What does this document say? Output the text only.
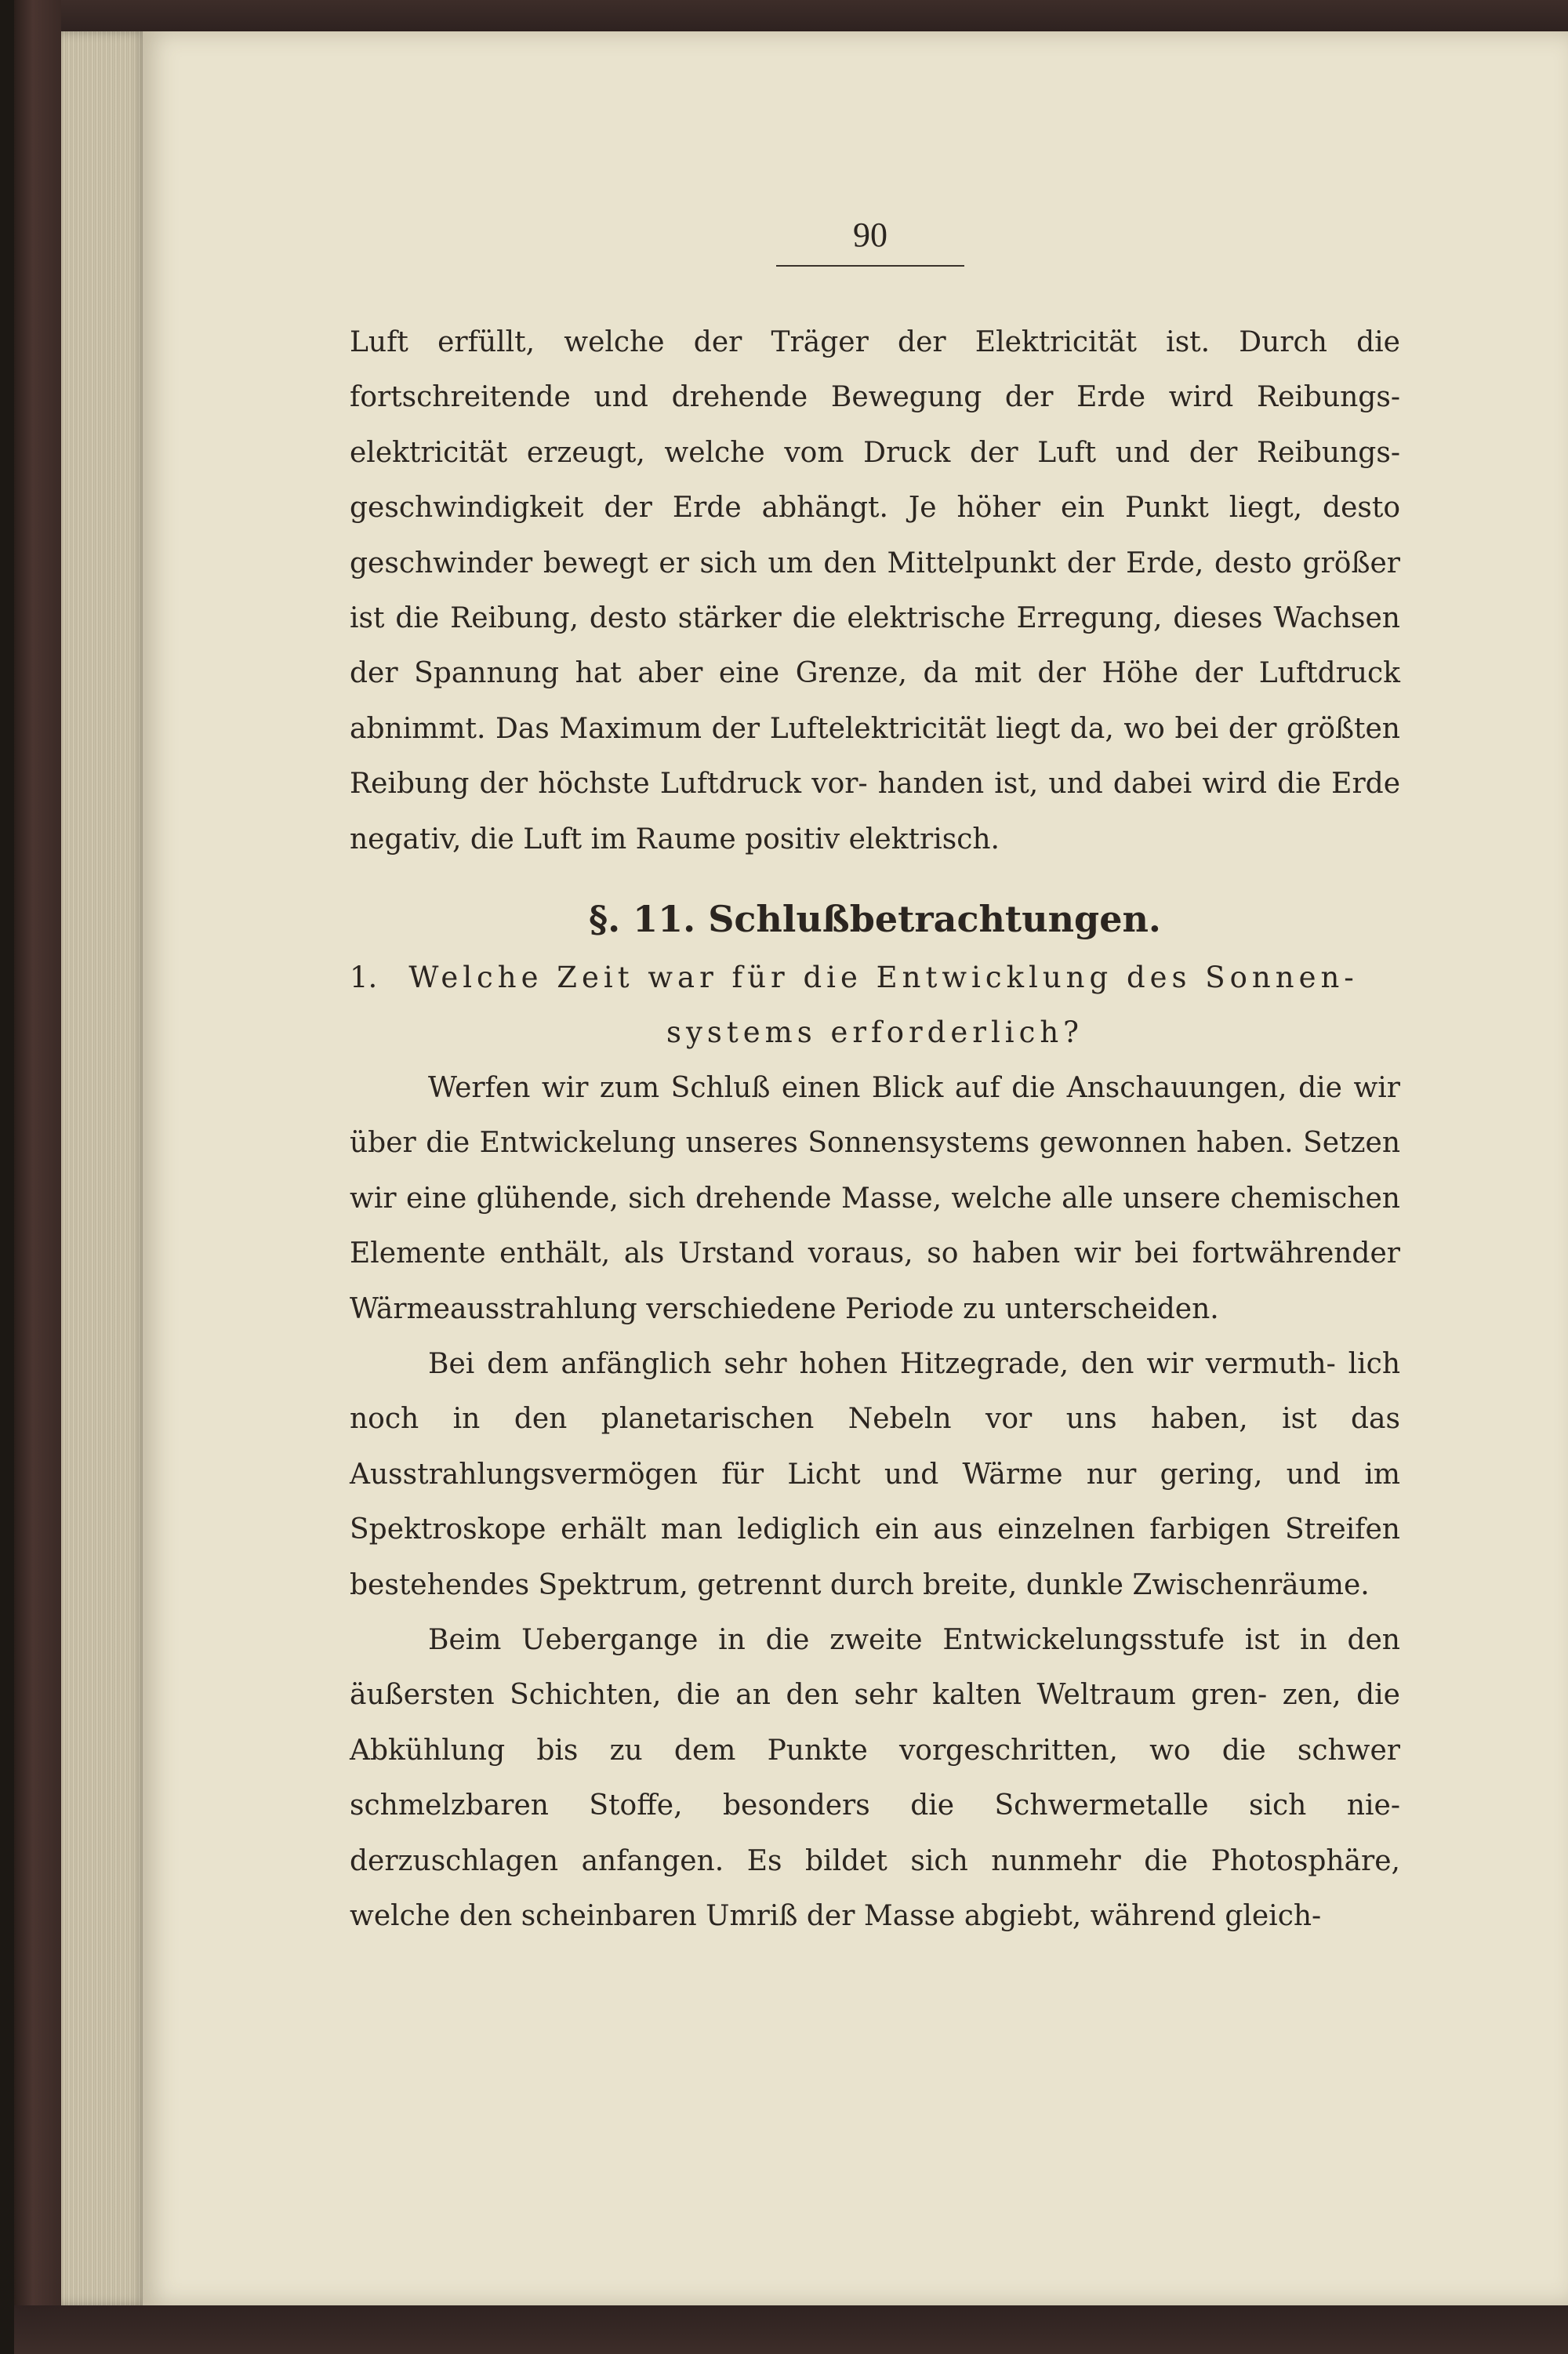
90

Luft erfüllt, welche der Träger der Elektricität ist. Durch die fortschreitende und drehende Bewegung der Erde wird Reibungs- elektricität erzeugt, welche vom Druck der Luft und der Reibungs- geschwindigkeit der Erde abhängt. Je höher ein Punkt liegt, desto geschwinder bewegt er sich um den Mittelpunkt der Erde, desto größer ist die Reibung, desto stärker die elektrische Erregung, dieses Wachsen der Spannung hat aber eine Grenze, da mit der Höhe der Luftdruck abnimmt. Das Maximum der Luftelektricität liegt da, wo bei der größten Reibung der höchste Luftdruck vor- handen ist, und dabei wird die Erde negativ, die Luft im Raume positiv elektrisch.

§. 11. Schlußbetrachtungen.

1. Welche Zeit war für die Entwicklung des Sonnen-

systems erforderlich?

Werfen wir zum Schluß einen Blick auf die Anschauungen, die wir über die Entwickelung unseres Sonnensystems gewonnen haben. Setzen wir eine glühende, sich drehende Masse, welche alle unsere chemischen Elemente enthält, als Urstand voraus, so haben wir bei fortwährender Wärmeausstrahlung verschiedene Periode zu unterscheiden.

Bei dem anfänglich sehr hohen Hitzegrade, den wir vermuth- lich noch in den planetarischen Nebeln vor uns haben, ist das Ausstrahlungsvermögen für Licht und Wärme nur gering, und im Spektroskope erhält man lediglich ein aus einzelnen farbigen Streifen bestehendes Spektrum, getrennt durch breite, dunkle Zwischenräume.

Beim Uebergange in die zweite Entwickelungsstufe ist in den äußersten Schichten, die an den sehr kalten Weltraum gren- zen, die Abkühlung bis zu dem Punkte vorgeschritten, wo die schwer schmelzbaren Stoffe, besonders die Schwermetalle sich nie- derzuschlagen anfangen. Es bildet sich nunmehr die Photosphäre, welche den scheinbaren Umriß der Masse abgiebt, während gleich-
